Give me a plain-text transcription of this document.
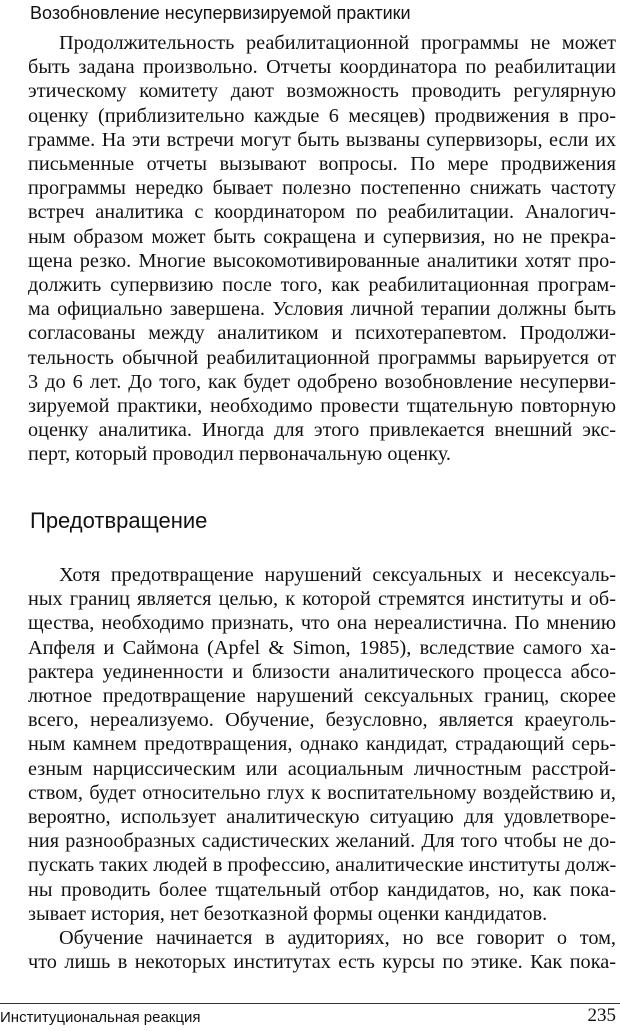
Возобновление несупервизируемой практики

Продолжительность реабилитационной программы не может
быть задана произвольно. Отчеты координатора по реабилитации
этическому комитету дают возможность проводить регулярную
оценку (приблизительно каждые 6 месяцев) продвижения в про-
грамме. На эти встречи могут быть вызваны супервизоры, если их
письменные отчеты вызывают вопросы. По мере продвижения
программы нередко бывает полезно постепенно снижать частоту
встреч аналитика с координатором по реабилитации. Аналогич-
ным образом может быть сокращена и супервизия, но не прекра-
щена резко. Многие высокомотивированные аналитики хотят про-
должить супервизию после того, как реабилитационная програм-
ма официально завершена. Условия личной терапии должны быть
согласованы между аналитиком и психотерапевтом. Продолжи-
тельность обычной реабилитационной программы варьируется от
3 до 6 лет. До того, как будет одобрено возобновление несуперви-
зируемой практики, необходимо провести тщательную повторную
оценку аналитика. Иногда для этого привлекается внешний экс-
перт, который проводил первоначальную оценку.

Предотвращение

Хотя предотвращение нарушений сексуальных и несексуаль-
ных границ является целью, к которой стремятся институты и об-
щества, необходимо признать, что она нереалистична. По мнению
Апфеля и Саймона (Apfel & Simon, 1985), вследствие самого ха-
рактера уединенности и близости аналитического процесса абсо-
лютное предотвращение нарушений сексуальных границ, скорее
всего, нереализуемо. Обучение, безусловно, является краеуголь-
ным камнем предотвращения, однако кандидат, страдающий серь-
езным нарциссическим или асоциальным личностным расстрой-
ством, будет относительно глух к воспитательному воздействию и,
вероятно, использует аналитическую ситуацию для удовлетворе-
ния разнообразных садистических желаний. Для того чтобы не до-
пускать таких людей в профессию, аналитические институты долж-
ны проводить более тщательный отбор кандидатов, но, как пока-
зывает история, нет безотказной формы оценки кандидатов.

Обучение начинается в аудиториях, но все говорит о том,
что лишь в некоторых институтах есть курсы по этике. Как пока-

Институциональная реакция	235
